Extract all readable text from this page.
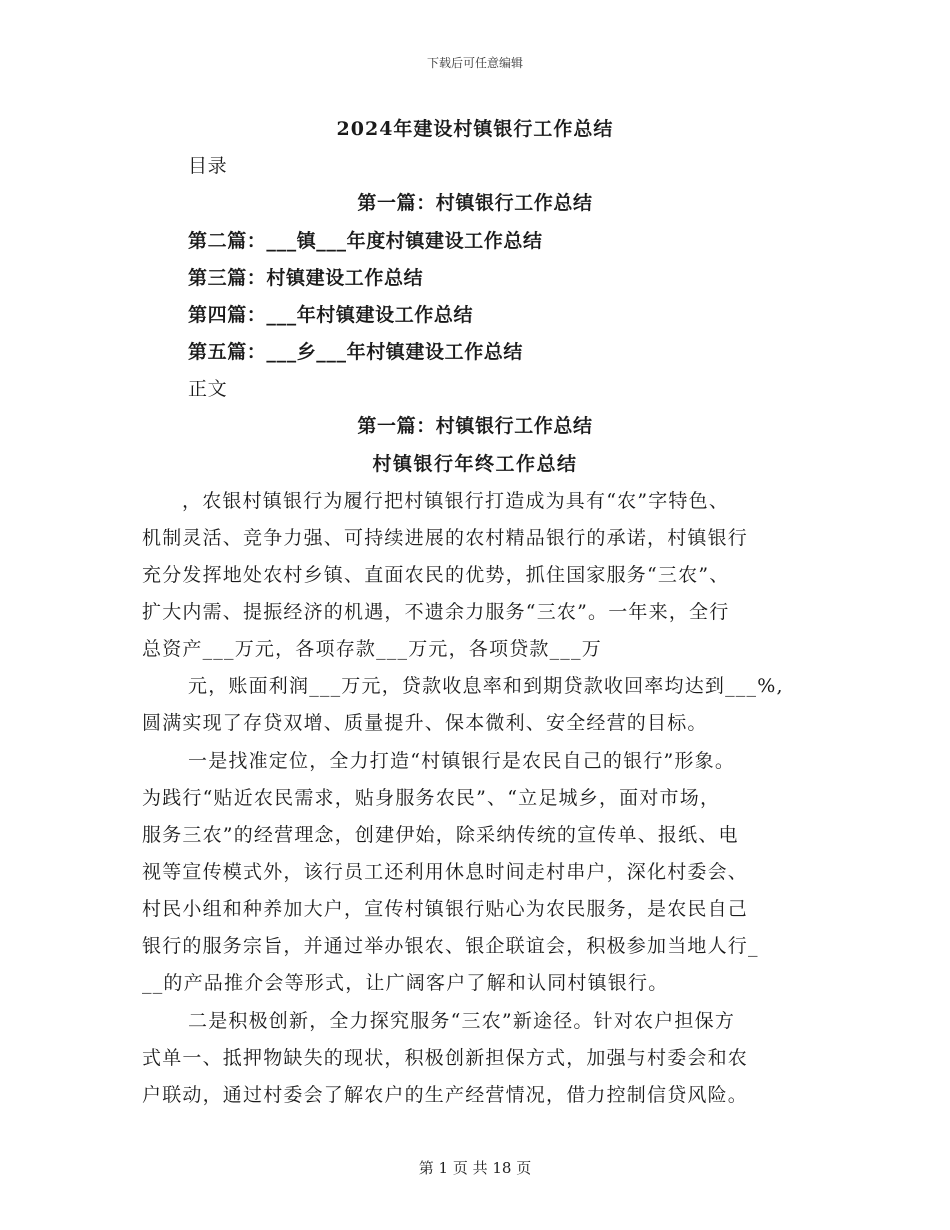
下载后可任意编辑
2024年建设村镇银行工作总结
目录
第一篇：村镇银行工作总结
第二篇：___镇___年度村镇建设工作总结
第三篇：村镇建设工作总结
第四篇：___年村镇建设工作总结
第五篇：___乡___年村镇建设工作总结
正文
第一篇：村镇银行工作总结
村镇银行年终工作总结
，农银村镇银行为履行把村镇银行打造成为具有“农”字特色、
机制灵活、竞争力强、可持续进展的农村精品银行的承诺，村镇银行
充分发挥地处农村乡镇、直面农民的优势，抓住国家服务“三农”、
扩大内需、提振经济的机遇，不遗余力服务“三农”。一年来，全行
总资产___万元，各项存款___万元，各项贷款___万
元，账面利润___万元，贷款收息率和到期贷款收回率均达到___%,
圆满实现了存贷双增、质量提升、保本微利、安全经营的目标。
一是找准定位，全力打造“村镇银行是农民自己的银行”形象。
为践行“贴近农民需求，贴身服务农民”、“立足城乡，面对市场，
服务三农”的经营理念，创建伊始，除采纳传统的宣传单、报纸、电
视等宣传模式外，该行员工还利用休息时间走村串户，深化村委会、
村民小组和种养加大户，宣传村镇银行贴心为农民服务，是农民自己
银行的服务宗旨，并通过举办银农、银企联谊会，积极参加当地人行_
__的产品推介会等形式，让广阔客户了解和认同村镇银行。
二是积极创新，全力探究服务“三农”新途径。针对农户担保方
式单一、抵押物缺失的现状，积极创新担保方式，加强与村委会和农
户联动，通过村委会了解农户的生产经营情况，借力控制信贷风险。
第 1 页 共 18 页
